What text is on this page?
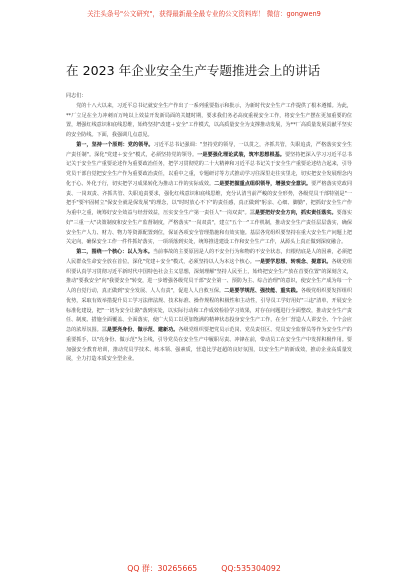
关注头条号"公文研究"，获得最新最全最专业的公文资料库！ 微信：gongwen9
在 2023 年企业安全生产专题推进会上的讲话

同志们：

党的十八大以来，习近平总书记就安全生产作出了一系列重要指示和批示，为新时代安全生产工作提供了根本遵循。为此，**厂立足在全力冲刺百万吨以上效益开发新局面的关键时期，要求我们务必高度重视安全工作，将安全生产摆在更加重要的位置，增强红线意识和底线思维，始终坚持"改建＋安全"工作模式，以高质量安全为支撑推动发展，为**厂高质量发展贡献平坚实的安全防线。下面，我强调几点意见。

第一，坚持一个原则：党的领导。习近平总书记强调："坚持党的领导，一以贯之，齐抓共管，失职追责，严格落实安全生产责任制"。深化"党建＋安全"模式，必须坚持党的领导。一是要强化理论武装，筑牢思想根基。要坚持把深入学习习近平总书记关于安全生产重要论述作为重要政治任务，把学习贯彻党的二十大精神和习近平总书记关于安全生产重要论述结合起来，引导党员干部自觉把安全生产作为重要政治责任，以重中之重，专题研讨等方式推动学习往深里走往实里走，切实把安全发展理念内化于心、外化于行，切实把学习成果转化为推动工作的实际成效。二是要把握重点组织领导，增强安全意识。要严格落实党政同责、一岗双责、齐抓共管、失职追责要求，强化红线意识和底线思维，充分认清当前严峻的安全形势，各级党员干部特别是"一把手"要牢固树立"保安全就是保发展"的理念，以"时时放心不下"的责任感，真正做到"躬亲、心细、脚勤"，把抓好安全生产作为重中之重，统筹好安全效益与经营效益，压实安全生产第一责任人"一岗双责"。三是要把好安全方向，抓实责任落实。要落实好"三重一大"决策制度和安全生产监督制度，严格落实"一岗双责"，建立"五个一"工作机制，推动安全生产责任层层落实，确保安全生产人力、财力、物力等资源配置到位，保证各项安全管理措施和有效实施。基层各党组织要坚持在重大安全生产问题上把关定向，确保安全工作一件件抓好落实，一项项落到实处，统筹推进建设工作和安全生产工作，从源头上真正做到深度融合。

第二，围绕一个核心：以人为本。当前事故的主要原因是人的不安全行为和物的不安全状态，归根结底是人的因素，必须把人民群众生命安全放在首位。深化"党建＋安全"模式，必须坚持以人为本这个核心。一是要学思想、转观念、提意识。各级党组织要认真学习贯彻习近平新时代中国特色社会主义思想，深刻理解"坚持人民至上，始终把安全生产放在首要位置"的深刻含义，推动"要我安全"向"我要安全"转变，进一步增强各级党员干部"安全第一、预防为主、综合治理"的意识，使安全生产成为每一个人的自觉行动，真正做到"安全发展、人人有责"，促进人人自救互保。二是要学规范、强技能、重实践。各级党组织要发挥组织优势，采取有效举措提升员工学习法律法规、技术标准、操作规程的积极性和主动性，引导员工学好用好"三违"清单，开展安全标准化建设，把"一切为安全让路"落到实处，以实际行动和工作成效检验学习效果，对存在问题进行全面整改，推动安全生产责任、制度、措施全面覆盖、全面落实，使广大员工以更加饱满的精神状态投身安全生产工作，在全厂营造人人讲安全、个个会应急的浓厚氛围。三是要亮身份、做示范、建新功。各级党组织要把党员示范岗、党员责任区、党员安全监督员等作为安全生产的重要抓手，以"亮身份、做示范"为主线，引导党员在安全生产中履职尽责、冲锋在前，带动员工在安全生产中发挥积极作用。要加强安全教育培训，推动党员学技术、练本领、强素质，营造比学赶超的良好氛围，以安全生产的新成效，推动企业高质量发展，全力打造本质安全型企业。

QQ 群：30265665	QQ:535304092
